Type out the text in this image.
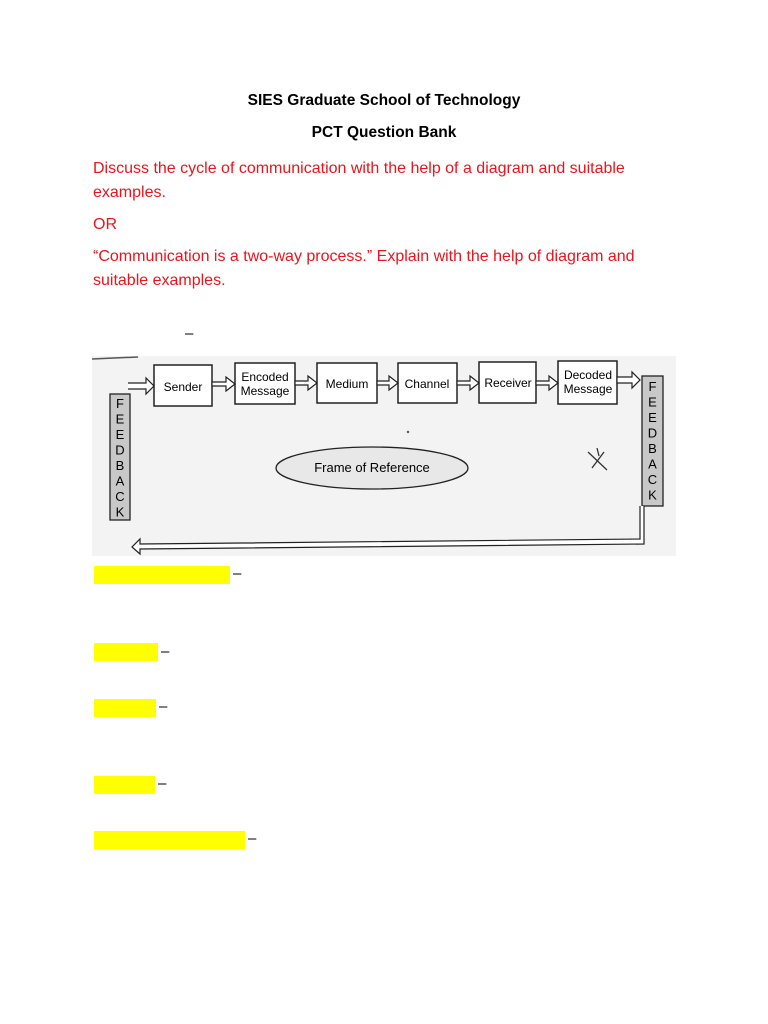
SIES Graduate School of Technology
PCT Question Bank
Discuss the cycle of communication with the help of a diagram and suitable
examples.
OR
“Communication is a two-way process.” Explain with the help of diagram and
suitable examples.
–
Sender
Encoded
Message	Medium	Channel	Receiver
Decoded
Message
F
E
E
D
B
A
C
K
F
E
E
D
B
A
C
K
Frame of Reference
–
–
–
–
–
